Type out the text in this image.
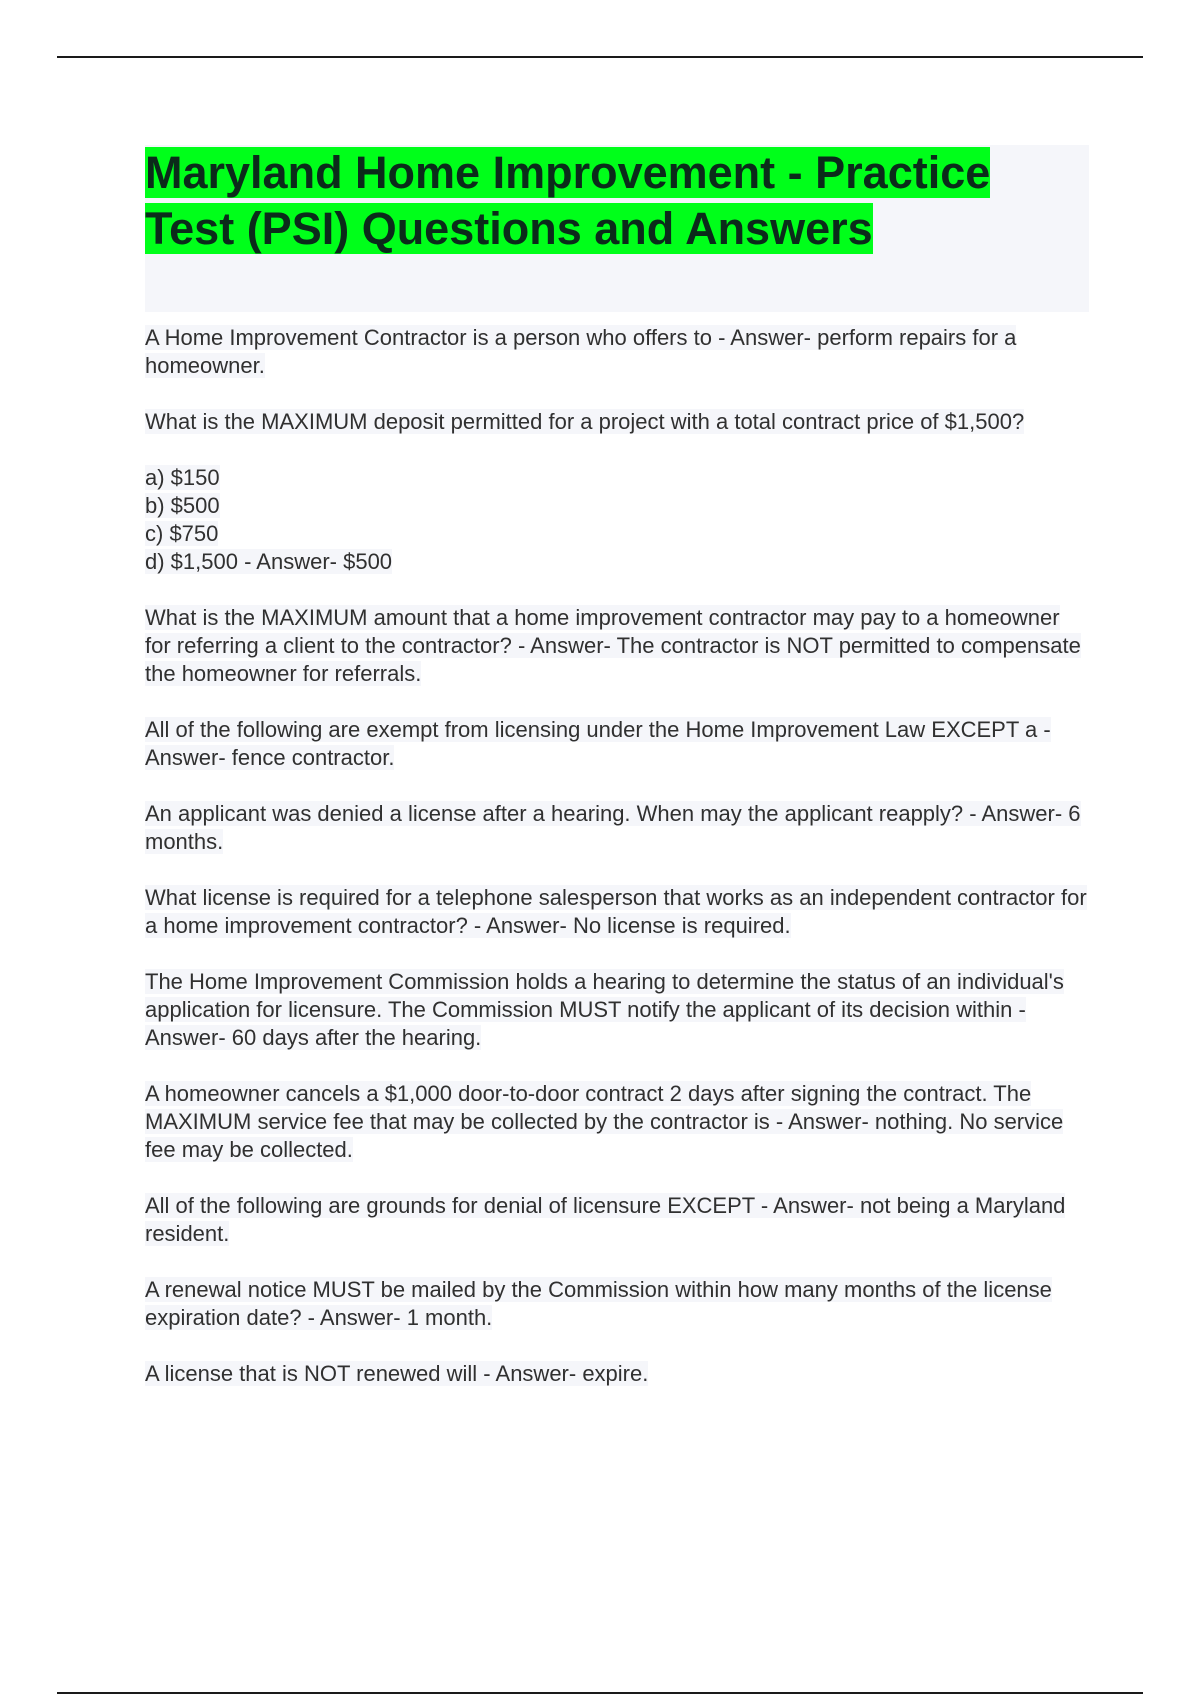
Maryland Home Improvement - Practice Test (PSI) Questions and Answers

A Home Improvement Contractor is a person who offers to - Answer- perform repairs for a homeowner.

What is the MAXIMUM deposit permitted for a project with a total contract price of $1,500?

a) $150
b) $500
c) $750
d) $1,500 - Answer- $500

What is the MAXIMUM amount that a home improvement contractor may pay to a homeowner for referring a client to the contractor? - Answer- The contractor is NOT permitted to compensate the homeowner for referrals.

All of the following are exempt from licensing under the Home Improvement Law EXCEPT a - Answer- fence contractor.

An applicant was denied a license after a hearing. When may the applicant reapply? - Answer- 6 months.

What license is required for a telephone salesperson that works as an independent contractor for a home improvement contractor? - Answer- No license is required.

The Home Improvement Commission holds a hearing to determine the status of an individual's application for licensure. The Commission MUST notify the applicant of its decision within - Answer- 60 days after the hearing.

A homeowner cancels a $1,000 door-to-door contract 2 days after signing the contract. The MAXIMUM service fee that may be collected by the contractor is - Answer- nothing. No service fee may be collected.

All of the following are grounds for denial of licensure EXCEPT - Answer- not being a Maryland resident.

A renewal notice MUST be mailed by the Commission within how many months of the license expiration date? - Answer- 1 month.

A license that is NOT renewed will - Answer- expire.
